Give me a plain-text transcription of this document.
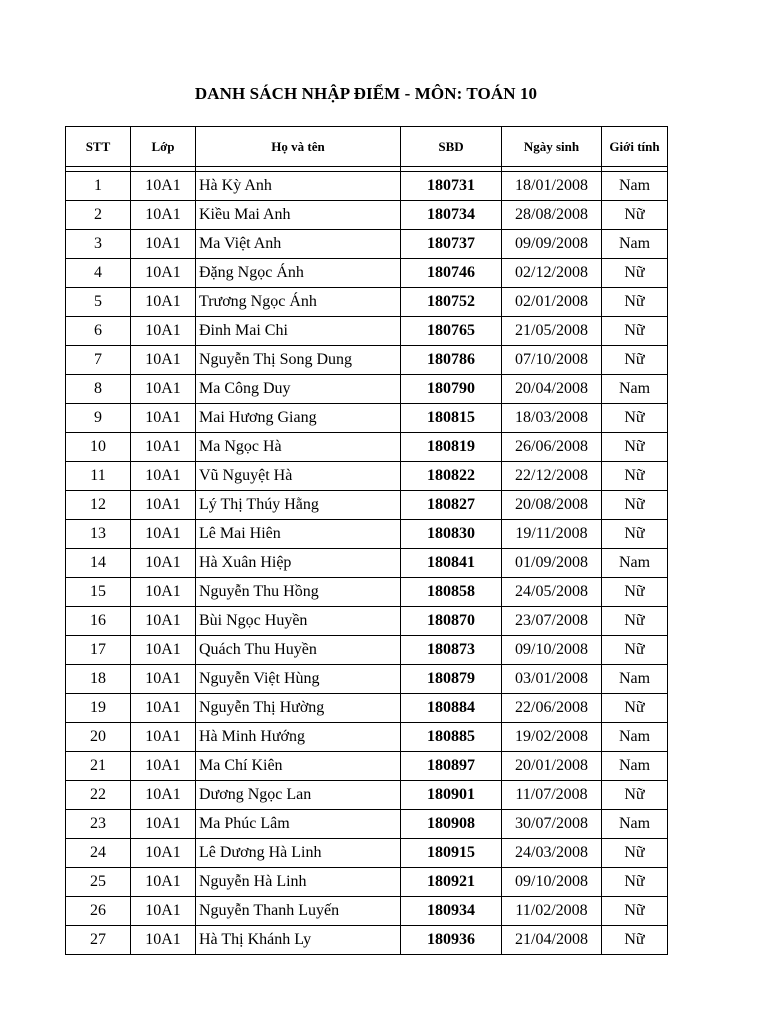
DANH SÁCH NHẬP ĐIỂM - MÔN: TOÁN 10
STT	Lớp	Họ và tên	SBD	Ngày sinh	Giới tính

1	10A1	Hà Kỳ Anh	180731	18/01/2008	Nam
2	10A1	Kiều Mai Anh	180734	28/08/2008	Nữ
3	10A1	Ma Việt Anh	180737	09/09/2008	Nam
4	10A1	Đặng Ngọc Ánh	180746	02/12/2008	Nữ
5	10A1	Trương Ngọc Ánh	180752	02/01/2008	Nữ
6	10A1	Đinh Mai Chi	180765	21/05/2008	Nữ
7	10A1	Nguyễn Thị Song Dung	180786	07/10/2008	Nữ
8	10A1	Ma Công Duy	180790	20/04/2008	Nam
9	10A1	Mai Hương Giang	180815	18/03/2008	Nữ
10	10A1	Ma Ngọc Hà	180819	26/06/2008	Nữ
11	10A1	Vũ Nguyệt Hà	180822	22/12/2008	Nữ
12	10A1	Lý Thị Thúy Hằng	180827	20/08/2008	Nữ
13	10A1	Lê Mai Hiên	180830	19/11/2008	Nữ
14	10A1	Hà Xuân Hiệp	180841	01/09/2008	Nam
15	10A1	Nguyễn Thu Hồng	180858	24/05/2008	Nữ
16	10A1	Bùi Ngọc Huyền	180870	23/07/2008	Nữ
17	10A1	Quách Thu Huyền	180873	09/10/2008	Nữ
18	10A1	Nguyễn Việt Hùng	180879	03/01/2008	Nam
19	10A1	Nguyễn Thị Hường	180884	22/06/2008	Nữ
20	10A1	Hà Minh Hướng	180885	19/02/2008	Nam
21	10A1	Ma Chí Kiên	180897	20/01/2008	Nam
22	10A1	Dương Ngọc Lan	180901	11/07/2008	Nữ
23	10A1	Ma Phúc Lâm	180908	30/07/2008	Nam
24	10A1	Lê Dương Hà Linh	180915	24/03/2008	Nữ
25	10A1	Nguyễn Hà Linh	180921	09/10/2008	Nữ
26	10A1	Nguyễn Thanh Luyến	180934	11/02/2008	Nữ
27	10A1	Hà Thị Khánh Ly	180936	21/04/2008	Nữ
